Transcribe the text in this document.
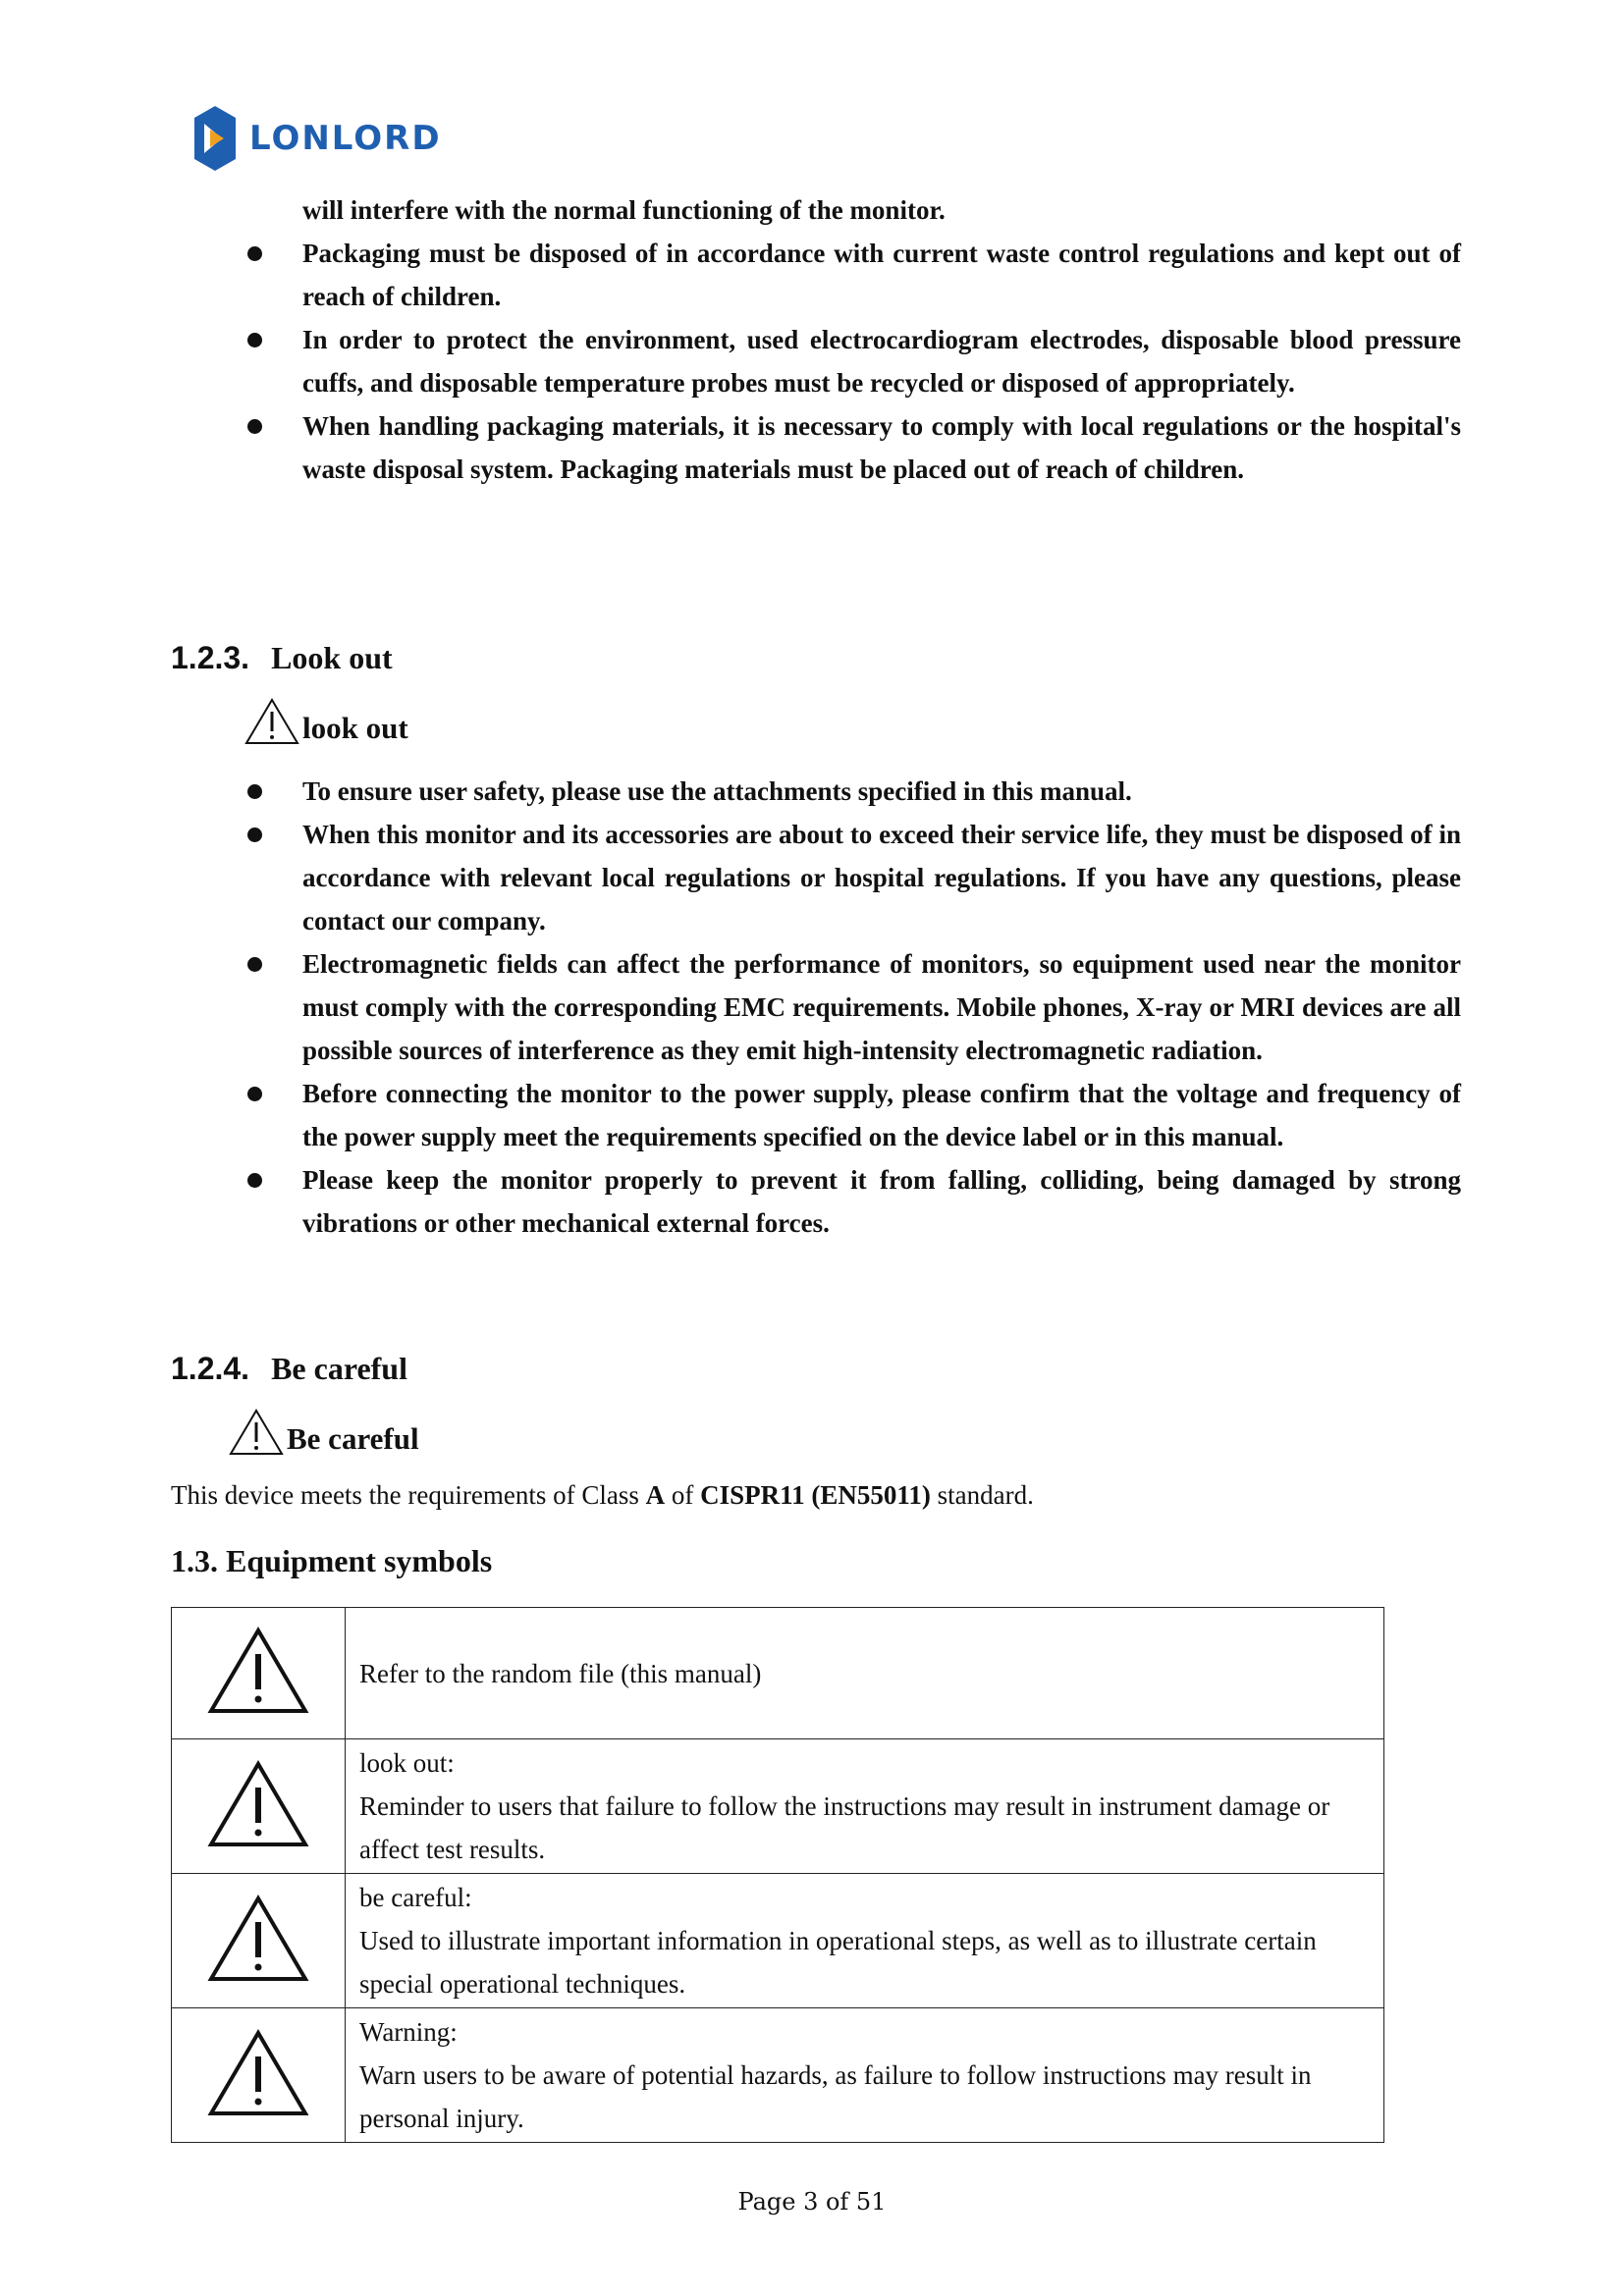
LONLORD
will interfere with the normal functioning of the monitor.
Packaging must be disposed of in accordance with current waste control regulations and kept out of reach of children.
In order to protect the environment, used electrocardiogram electrodes, disposable blood pressure cuffs, and disposable temperature probes must be recycled or disposed of appropriately.
When handling packaging materials, it is necessary to comply with local regulations or the hospital's waste disposal system. Packaging materials must be placed out of reach of children.
1.2.3. Look out
look out
To ensure user safety, please use the attachments specified in this manual.
When this monitor and its accessories are about to exceed their service life, they must be disposed of in accordance with relevant local regulations or hospital regulations. If you have any questions, please contact our company.
Electromagnetic fields can affect the performance of monitors, so equipment used near the monitor must comply with the corresponding EMC requirements. Mobile phones, X-ray or MRI devices are all possible sources of interference as they emit high-intensity electromagnetic radiation.
Before connecting the monitor to the power supply, please confirm that the voltage and frequency of the power supply meet the requirements specified on the device label or in this manual.
Please keep the monitor properly to prevent it from falling, colliding, being damaged by strong vibrations or other mechanical external forces.
1.2.4. Be careful
Be careful
This device meets the requirements of Class A of CISPR11 (EN55011) standard.
1.3. Equipment symbols

Refer to the random file (this manual)

look out:
Reminder to users that failure to follow the instructions may result in instrument damage or affect test results.

be careful:
Used to illustrate important information in operational steps, as well as to illustrate certain special operational techniques.

Warning:
Warn users to be aware of potential hazards, as failure to follow instructions may result in personal injury.
Page 3 of 51
